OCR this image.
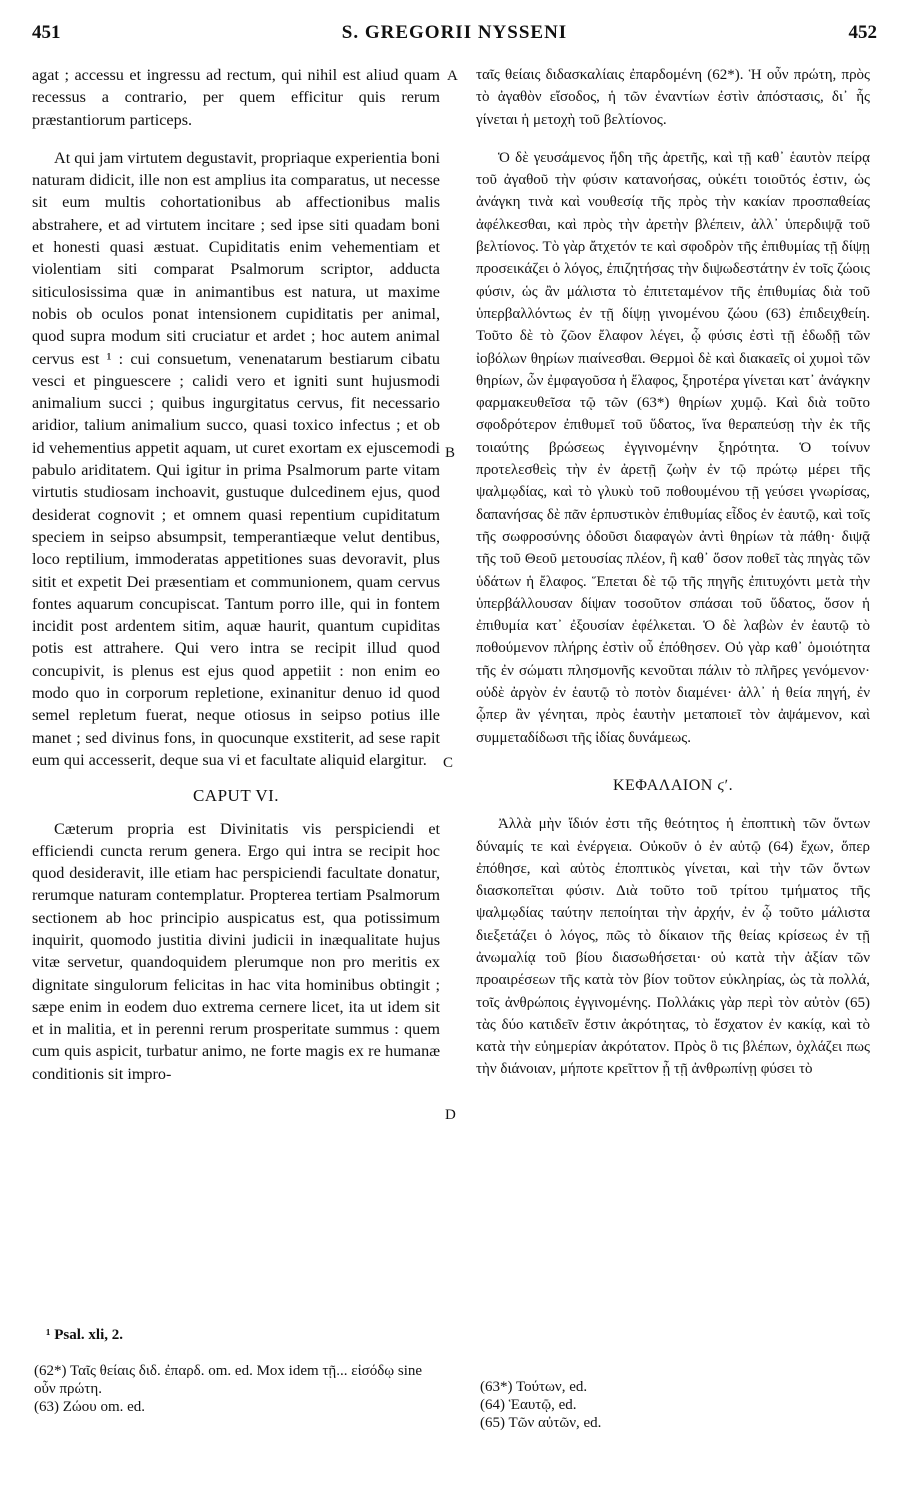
451	S. GREGORII NYSSENI	452
A
B
C
D

agat ; accessu et ingressu ad rectum, qui nihil est aliud quam recessus a contrario, per quem efficitur quis rerum præstantiorum particeps.

At qui jam virtutem degustavit, propriaque experientia boni naturam didicit, ille non est amplius ita comparatus, ut necesse sit eum multis cohortationibus ab affectionibus malis abstrahere, et ad virtutem incitare ; sed ipse siti quadam boni et honesti quasi æstuat. Cupiditatis enim vehementiam et violentiam siti comparat Psalmorum scriptor, adducta siticulosissima quæ in animantibus est natura, ut maxime nobis ob oculos ponat intensionem cupiditatis per animal, quod supra modum siti cruciatur et ardet ; hoc autem animal cervus est ¹ : cui consuetum, venenatarum bestiarum cibatu vesci et pinguescere ; calidi vero et igniti sunt hujusmodi animalium succi ; quibus ingurgitatus cervus, fit necessario aridior, talium animalium succo, quasi toxico infectus ; et ob id vehementius appetit aquam, ut curet exortam ex ejuscemodi pabulo ariditatem. Qui igitur in prima Psalmorum parte vitam virtutis studiosam inchoavit, gustuque dulcedinem ejus, quod desiderat cognovit ; et omnem quasi repentium cupiditatum speciem in seipso absumpsit, temperantiæque velut dentibus, loco reptilium, immoderatas appetitiones suas devoravit, plus sitit et expetit Dei præsentiam et communionem, quam cervus fontes aquarum concupiscat. Tantum porro ille, qui in fontem incidit post ardentem sitim, aquæ haurit, quantum cupiditas potis est attrahere. Qui vero intra se recipit illud quod concupivit, is plenus est ejus quod appetiit : non enim eo modo quo in corporum repletione, exinanitur denuo id quod semel repletum fuerat, neque otiosus in seipso potius ille manet ; sed divinus fons, in quocunque exstiterit, ad sese rapit eum qui accesserit, deque sua vi et facultate aliquid elargitur.

CAPUT VI.

Cæterum propria est Divinitatis vis perspiciendi et efficiendi cuncta rerum genera. Ergo qui intra se recipit hoc quod desideravit, ille etiam hac perspiciendi facultate donatur, rerumque naturam contemplatur. Propterea tertiam Psalmorum sectionem ab hoc principio auspicatus est, qua potissimum inquirit, quomodo justitia divini judicii in inæqualitate hujus vitæ servetur, quandoquidem plerumque non pro meritis ex dignitate singulorum felicitas in hac vita hominibus obtingit ; sæpe enim in eodem duo extrema cernere licet, ita ut idem sit et in malitia, et in perenni rerum prosperitate summus : quem cum quis aspicit, turbatur animo, ne forte magis ex re humanæ conditionis sit impro-

ταῖς θείαις διδασκαλίαις ἐπαρδομένη (62*). Ἡ οὖν πρώτη, πρὸς τὸ ἀγαθὸν εἴσοδος, ἡ τῶν ἐναντίων ἐστὶν ἀπόστασις, δι᾽ ἧς γίνεται ἡ μετοχὴ τοῦ βελτίονος.

Ὁ δὲ γευσάμενος ἤδη τῆς ἀρετῆς, καὶ τῇ καθ᾽ ἑαυτὸν πείρᾳ τοῦ ἀγαθοῦ τὴν φύσιν κατανοήσας, οὐκέτι τοιοῦτός ἐστιν, ὡς ἀνάγκη τινὰ καὶ νουθεσίᾳ τῆς πρὸς τὴν κακίαν προσπαθείας ἀφέλκεσθαι, καὶ πρὸς τὴν ἀρετὴν βλέπειν, ἀλλ᾽ ὑπερδιψᾷ τοῦ βελτίονος. Τὸ γὰρ ἄτχετόν τε καὶ σφοδρὸν τῆς ἐπιθυμίας τῇ δίψῃ προσεικάζει ὁ λόγος, ἐπιζητήσας τὴν διψωδεστάτην ἐν τοῖς ζώοις φύσιν, ὡς ἂν μάλιστα τὸ ἐπιτεταμένον τῆς ἐπιθυμίας διὰ τοῦ ὑπερβαλλόντως ἐν τῇ δίψῃ γινομένου ζώου (63) ἐπιδειχθείη. Τοῦτο δὲ τὸ ζῶον ἔλαφον λέγει, ᾧ φύσις ἐστὶ τῇ ἐδωδῇ τῶν ἰοβόλων θηρίων πιαίνεσθαι. Θερμοὶ δὲ καὶ διακαεῖς οἱ χυμοὶ τῶν θηρίων, ὧν ἐμφαγοῦσα ἡ ἔλαφος, ξηροτέρα γίνεται κατ᾽ ἀνάγκην φαρμακευθεῖσα τῷ τῶν (63*) θηρίων χυμῷ. Καὶ διὰ τοῦτο σφοδρότερον ἐπιθυμεῖ τοῦ ὕδατος, ἵνα θεραπεύσῃ τὴν ἐκ τῆς τοιαύτης βρώσεως ἐγγινομένην ξηρότητα. Ὁ τοίνυν προτελεσθεὶς τὴν ἐν ἀρετῇ ζωὴν ἐν τῷ πρώτῳ μέρει τῆς ψαλμῳδίας, καὶ τὸ γλυκὺ τοῦ ποθουμένου τῇ γεύσει γνωρίσας, δαπανήσας δὲ πᾶν ἑρπυστικὸν ἐπιθυμίας εἶδος ἐν ἑαυτῷ, καὶ τοῖς τῆς σωφροσύνης ὀδοῦσι διαφαγὼν ἀντὶ θηρίων τὰ πάθη· διψᾷ τῆς τοῦ Θεοῦ μετουσίας πλέον, ἢ καθ᾽ ὅσον ποθεῖ τὰς πηγὰς τῶν ὑδάτων ἡ ἔλαφος. Ἕπεται δὲ τῷ τῆς πηγῆς ἐπιτυχόντι μετὰ τὴν ὑπερβάλλουσαν δίψαν τοσοῦτον σπάσαι τοῦ ὕδατος, ὅσον ἡ ἐπιθυμία κατ᾽ ἐξουσίαν ἐφέλκεται. Ὁ δὲ λαβὼν ἐν ἑαυτῷ τὸ ποθούμενον πλήρης ἐστὶν οὗ ἐπόθησεν. Οὐ γὰρ καθ᾽ ὁμοιότητα τῆς ἐν σώματι πλησμονῆς κενοῦται πάλιν τὸ πλῆρες γενόμενον· οὐδὲ ἀργὸν ἐν ἑαυτῷ τὸ ποτὸν διαμένει· ἀλλ᾽ ἡ θεία πηγή, ἐν ᾧπερ ἂν γένηται, πρὸς ἑαυτὴν μεταποιεῖ τὸν ἀψάμενον, καὶ συμμεταδίδωσι τῆς ἰδίας δυνάμεως.

ΚΕΦΑΛΑΙΟΝ ϛʹ.

Ἀλλὰ μὴν ἴδιόν ἐστι τῆς θεότητος ἡ ἐποπτικὴ τῶν ὄντων δύναμίς τε καὶ ἐνέργεια. Οὐκοῦν ὁ ἐν αὐτῷ (64) ἔχων, ὅπερ ἐπόθησε, καὶ αὐτὸς ἐποπτικὸς γίνεται, καὶ τὴν τῶν ὄντων διασκοπεῖται φύσιν. Διὰ τοῦτο τοῦ τρίτου τμήματος τῆς ψαλμῳδίας ταύτην πεποίηται τὴν ἀρχήν, ἐν ᾧ τοῦτο μάλιστα διεξετάζει ὁ λόγος, πῶς τὸ δίκαιον τῆς θείας κρίσεως ἐν τῇ ἀνωμαλίᾳ τοῦ βίου διασωθήσεται· οὐ κατὰ τὴν ἀξίαν τῶν προαιρέσεων τῆς κατὰ τὸν βίον τοῦτον εὐκληρίας, ὡς τὰ πολλά, τοῖς ἀνθρώποις ἐγγινομένης. Πολλάκις γὰρ περὶ τὸν αὐτὸν (65) τὰς δύο κατιδεῖν ἔστιν ἀκρότητας, τὸ ἔσχατον ἐν κακίᾳ, καὶ τὸ κατὰ τὴν εὐημερίαν ἀκρότατον. Πρὸς ὃ τις βλέπων, ὀχλάζει πως τὴν διάνοιαν, μήποτε κρεῖττον ᾖ τῇ ἀνθρωπίνῃ φύσει τὸ

¹ Psal. xli, 2.
(62*) Ταῖς θείαις διδ. ἐπαρδ. om. ed. Mox idem τῇ... εἰσόδῳ sine οὖν πρώτη.
(63) Ζώου om. ed.
(63*) Τούτων, ed.
(64) Ἑαυτῷ, ed.
(65) Τῶν αὐτῶν, ed.
